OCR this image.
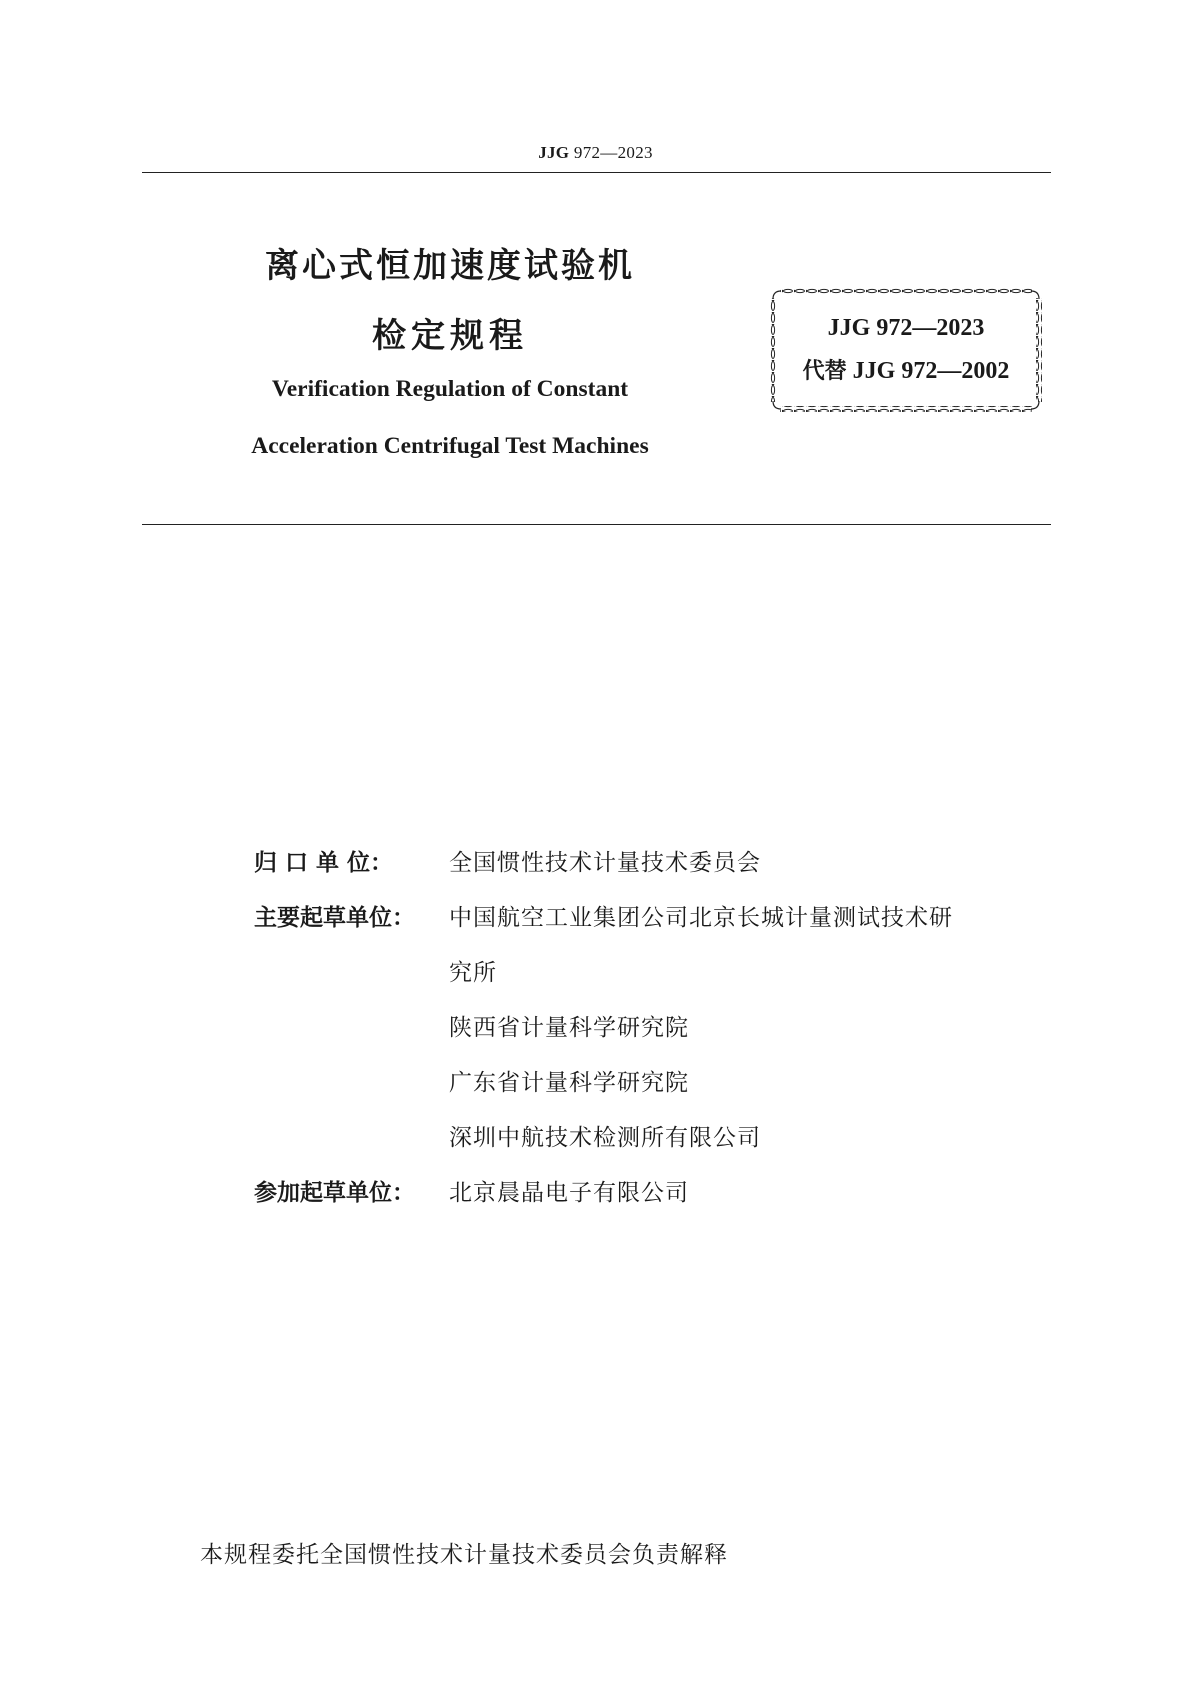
JJG 972—2023
离心式恒加速度试验机
检定规程
Verification Regulation of Constant
Acceleration Centrifugal Test Machines
JJG 972—2023
代替 JJG 972—2002
归 口 单 位： 全国惯性技术计量技术委员会
主要起草单位： 中国航空工业集团公司北京长城计量测试技术研
究所
陕西省计量科学研究院
广东省计量科学研究院
深圳中航技术检测所有限公司
参加起草单位： 北京晨晶电子有限公司
本规程委托全国惯性技术计量技术委员会负责解释
